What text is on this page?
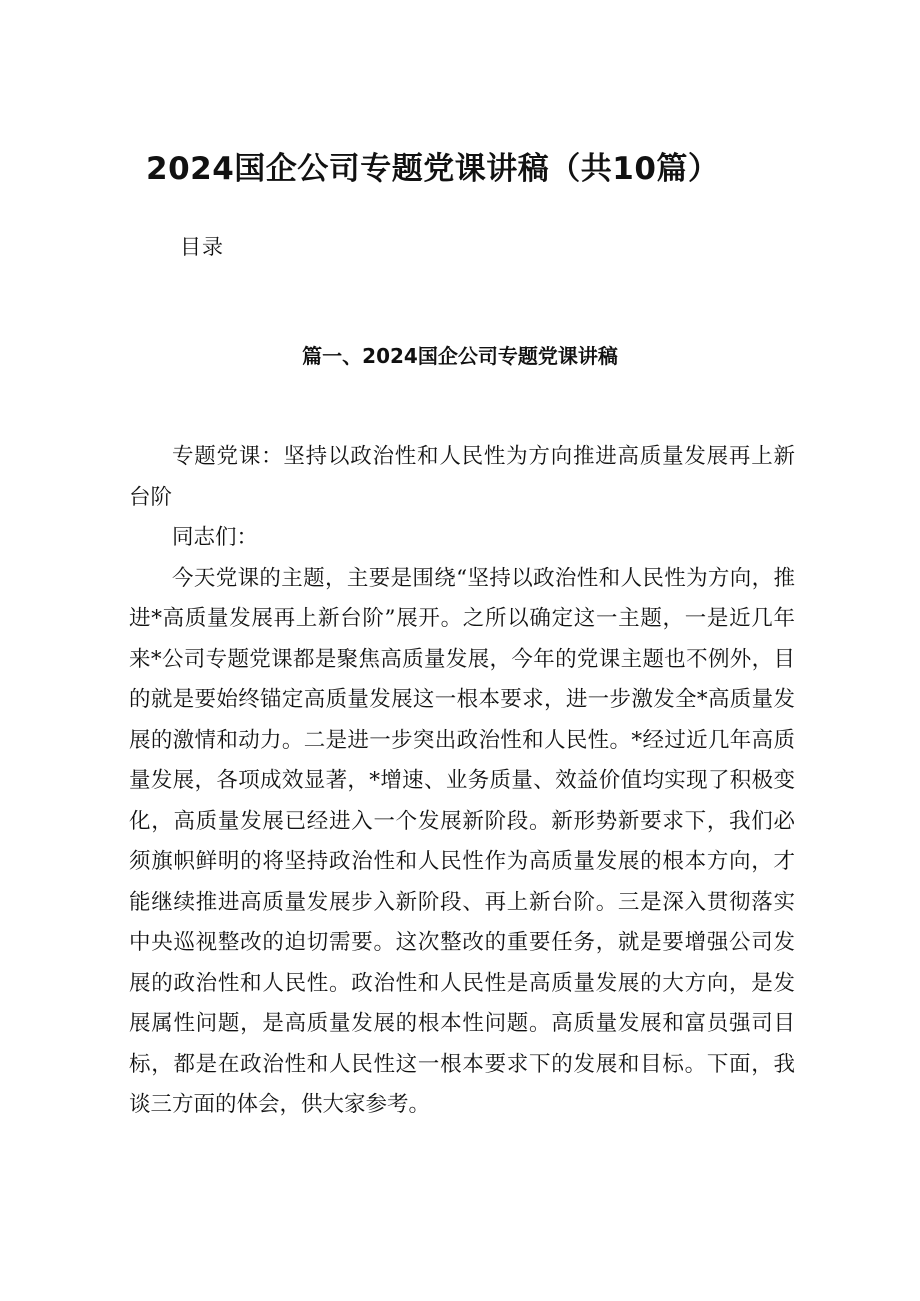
2024国企公司专题党课讲稿（共10篇）
目录
篇一、2024国企公司专题党课讲稿

专题党课：坚持以政治性和人民性为方向推进高质量发展再上新台阶

同志们：

今天党课的主题，主要是围绕“坚持以政治性和人民性为方向，推进*高质量发展再上新台阶”展开。之所以确定这一主题，一是近几年来*公司专题党课都是聚焦高质量发展，今年的党课主题也不例外，目的就是要始终锚定高质量发展这一根本要求，进一步激发全*高质量发展的激情和动力。二是进一步突出政治性和人民性。*经过近几年高质量发展，各项成效显著，*增速、业务质量、效益价值均实现了积极变化，高质量发展已经进入一个发展新阶段。新形势新要求下，我们必须旗帜鲜明的将坚持政治性和人民性作为高质量发展的根本方向，才能继续推进高质量发展步入新阶段、再上新台阶。三是深入贯彻落实中央巡视整改的迫切需要。这次整改的重要任务，就是要增强公司发展的政治性和人民性。政治性和人民性是高质量发展的大方向，是发展属性问题，是高质量发展的根本性问题。高质量发展和富员强司目标，都是在政治性和人民性这一根本要求下的发展和目标。下面，我谈三方面的体会，供大家参考。
